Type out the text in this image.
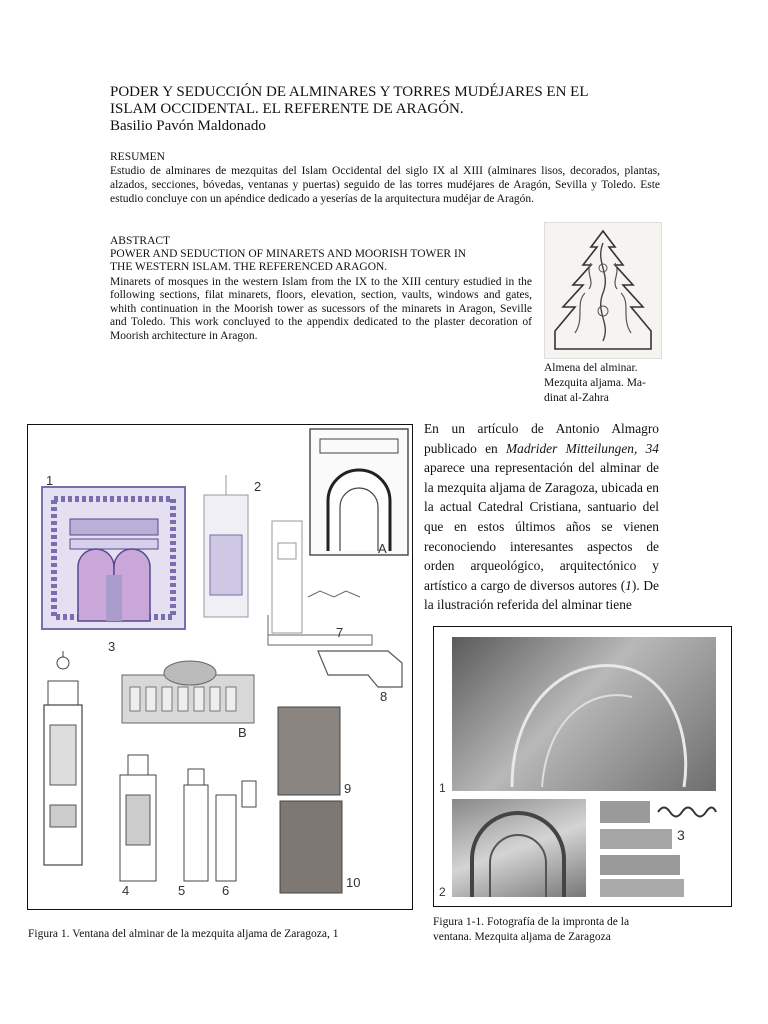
PODER Y SEDUCCIÓN DE ALMINARES Y TORRES MUDÉJARES EN EL
ISLAM OCCIDENTAL. EL REFERENTE DE ARAGÓN.
Basilio Pavón Maldonado
RESUMEN
Estudio de alminares de mezquitas del Islam Occidental del siglo IX al XIII (alminares lisos, decorados, plantas, alzados, secciones, bóvedas, ventanas y puertas) seguido de las torres mudéjares de Aragón, Sevilla y Toledo. Este estudio concluye con un apéndice dedicado a yeserías de la arquitectura mudéjar de Aragón.
ABSTRACT
POWER AND SEDUCTION OF MINARETS AND MOORISH TOWER IN
THE WESTERN ISLAM. THE REFERENCED ARAGON.
Minarets of mosques in the western Islam from the IX to the XIII century estudied in the following sections, filat minarets, floors, elevation, section, vaults, windows and gates, whith continuation in the Moorish tower as sucessors of the minarets in Aragon, Seville and Toledo. This work concluyed to the appendix dedicated to the plaster decoration of Moorish architecture in Aragon.
Almena del alminar.
Mezquita aljama. Ma-
dinat al-Zahra
1	2
A
3
7
8
B
9
4	5	6
10
En un artículo de Antonio Almagro publicado en Madrider Mitteilungen, 34 aparece una representación del alminar de la mezquita aljama de Zaragoza, ubicada en la actual Catedral Cristiana, santuario del que en estos últimos años se vienen reconociendo interesantes aspectos de orden arqueológico, arquitectónico y artístico a cargo de diversos autores (1). De la ilustración referida del alminar tiene
1
2
3
Figura 1. Ventana del alminar de la mezquita aljama de Zaragoza, 1
Figura 1-1. Fotografía de la impronta de la
ventana. Mezquita aljama de Zaragoza
